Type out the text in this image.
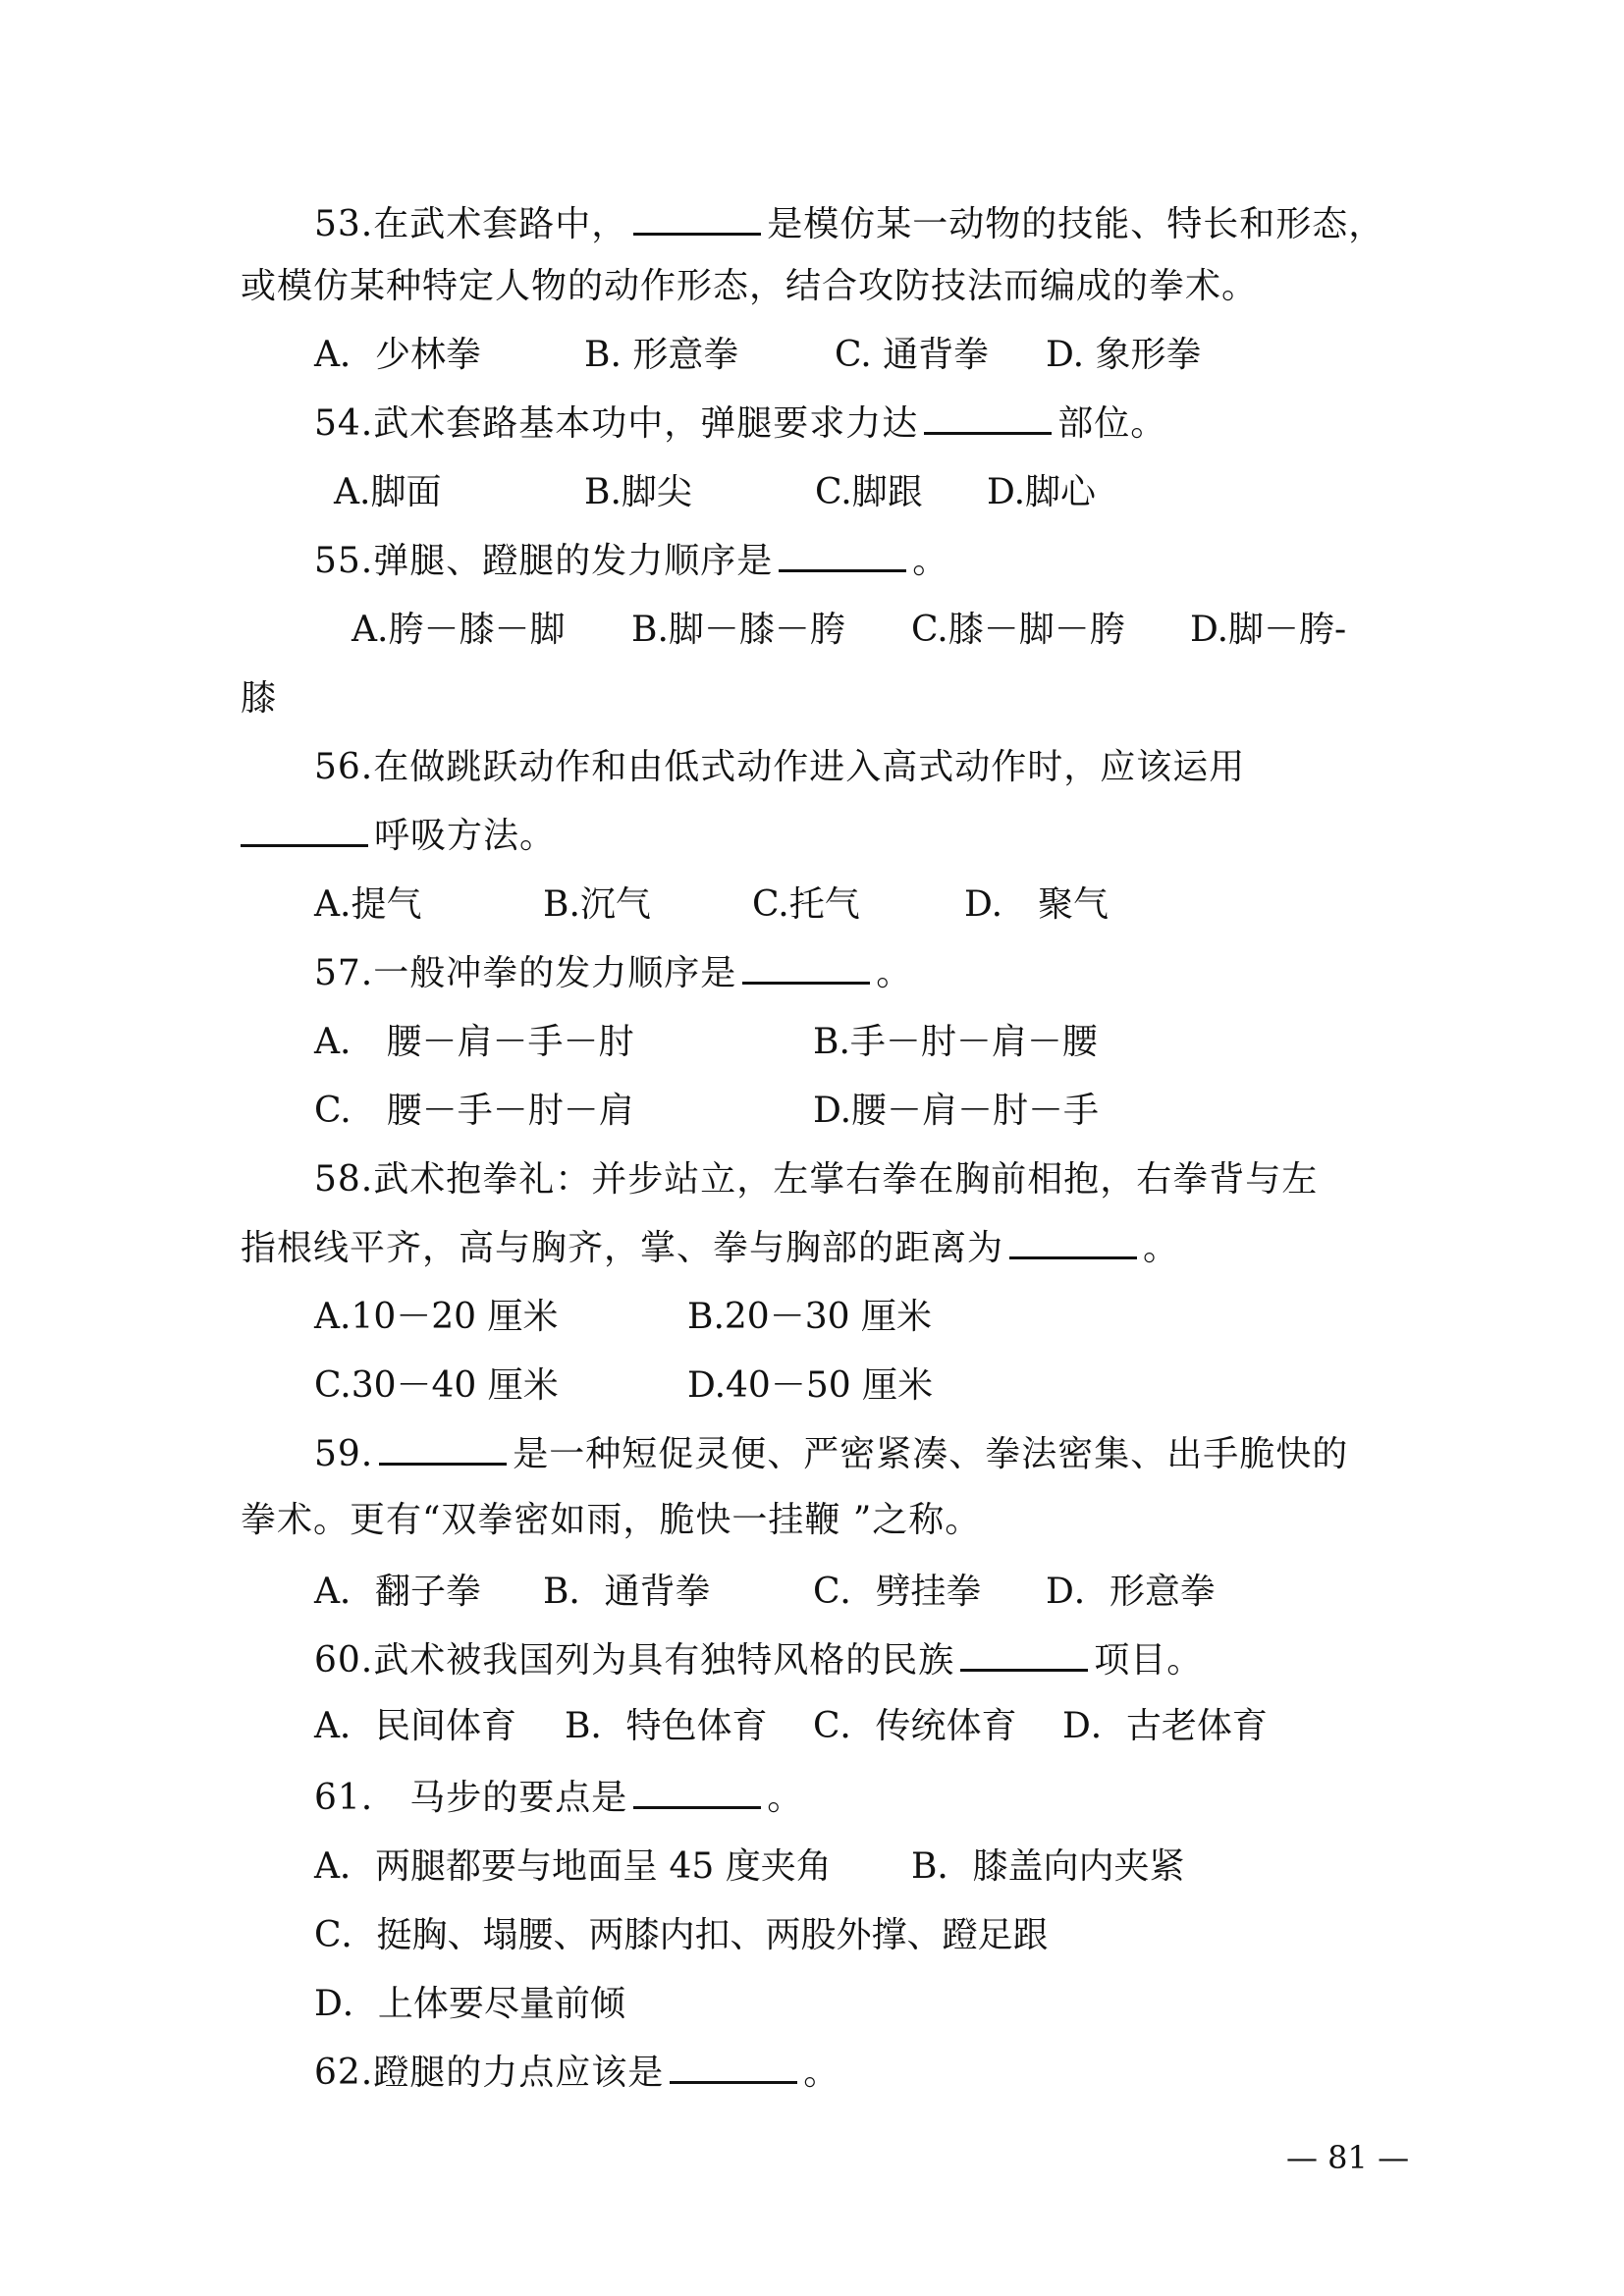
53.在武术套路中，	是模仿某一动物的技能、特长和形态，
或模仿某种特定人物的动作形态，结合攻防技法而编成的拳术。
A．少林拳	B. 形意拳	C. 通背拳 D. 象形拳
54.武术套路基本功中，弹腿要求力达	部位。
A.脚面	B.脚尖	C.脚跟 D.脚心
55.弹腿、蹬腿的发力顺序是	。
A.胯－膝－脚 B.脚－膝－胯 C.膝－脚－胯 D.脚－胯-
膝
56.在做跳跃动作和由低式动作进入高式动作时，应该运用
呼吸方法。
A.提气	B.沉气	C.托气	D.　聚气
57.一般冲拳的发力顺序是	。
A.　腰－肩－手－肘	B.手－肘－肩－腰
C.　腰－手－肘－肩	D.腰－肩－肘－手
58.武术抱拳礼：并步站立，左掌右拳在胸前相抱，右拳背与左
指根线平齐，高与胸齐，掌、拳与胸部的距离为	。
A.10－20 厘米	B.20－30 厘米
C.30－40 厘米	D.40－50 厘米
59.	是一种短促灵便、严密紧凑、拳法密集、出手脆快的
拳术。更有“双拳密如雨，脆快一挂鞭 ”之称。
A．翻子拳 B．通背拳	C．劈挂拳 D．形意拳
60.武术被我国列为具有独特风格的民族	项目。
A．民间体育 B．特色体育 C．传统体育 D．古老体育
61.　马步的要点是	。
A．两腿都要与地面呈 45 度夹角 B．膝盖向内夹紧
C．挺胸、塌腰、两膝内扣、两股外撑、蹬足跟
D．上体要尽量前倾
62.蹬腿的力点应该是	。
— 81 —
